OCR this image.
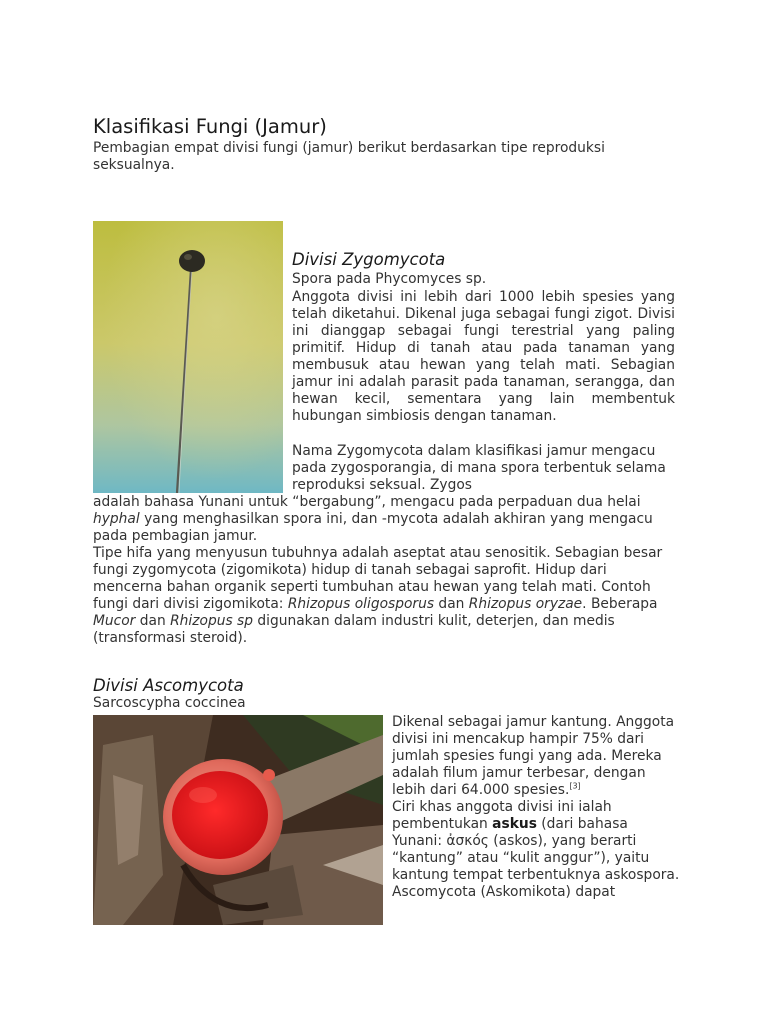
Klasifikasi Fungi (Jamur)
Pembagian empat divisi fungi (jamur) berikut berdasarkan tipe reproduksi seksualnya.
Divisi Zygomycota
Spora pada Phycomyces sp.

Anggota divisi ini lebih dari 1000 lebih spesies yang telah diketahui. Dikenal juga sebagai fungi zigot. Divisi ini dianggap sebagai fungi terestrial yang paling primitif. Hidup di tanah atau pada tanaman yang membusuk atau hewan yang telah mati. Sebagian jamur ini adalah parasit pada tanaman, serangga, dan hewan kecil, sementara yang lain membentuk hubungan simbiosis dengan tanaman.

Nama Zygomycota dalam klasifikasi jamur mengacu pada zygosporangia, di mana spora terbentuk selama reproduksi seksual. Zygos

adalah bahasa Yunani untuk “bergabung”, mengacu pada perpaduan dua helai hyphal yang menghasilkan spora ini, dan -mycota adalah akhiran yang mengacu pada pembagian jamur.

Tipe hifa yang menyusun tubuhnya adalah aseptat atau senositik. Sebagian besar fungi zygomycota (zigomikota) hidup di tanah sebagai saprofit. Hidup dari mencerna bahan organik seperti tumbuhan atau hewan yang telah mati. Contoh fungi dari divisi zigomikota: Rhizopus oligosporus dan Rhizopus oryzae. Beberapa Mucor dan Rhizopus sp digunakan dalam industri kulit, deterjen, dan medis (transformasi steroid).

Divisi Ascomycota
Sarcoscypha coccinea

Dikenal sebagai jamur kantung. Anggota divisi ini mencakup hampir 75% dari jumlah spesies fungi yang ada. Mereka adalah filum jamur terbesar, dengan lebih dari 64.000 spesies.[3]

Ciri khas anggota divisi ini ialah pembentukan askus (dari bahasa Yunani: ἀσκός (askos), yang berarti “kantung” atau “kulit anggur”), yaitu kantung tempat terbentuknya askospora.

Ascomycota (Askomikota) dapat
